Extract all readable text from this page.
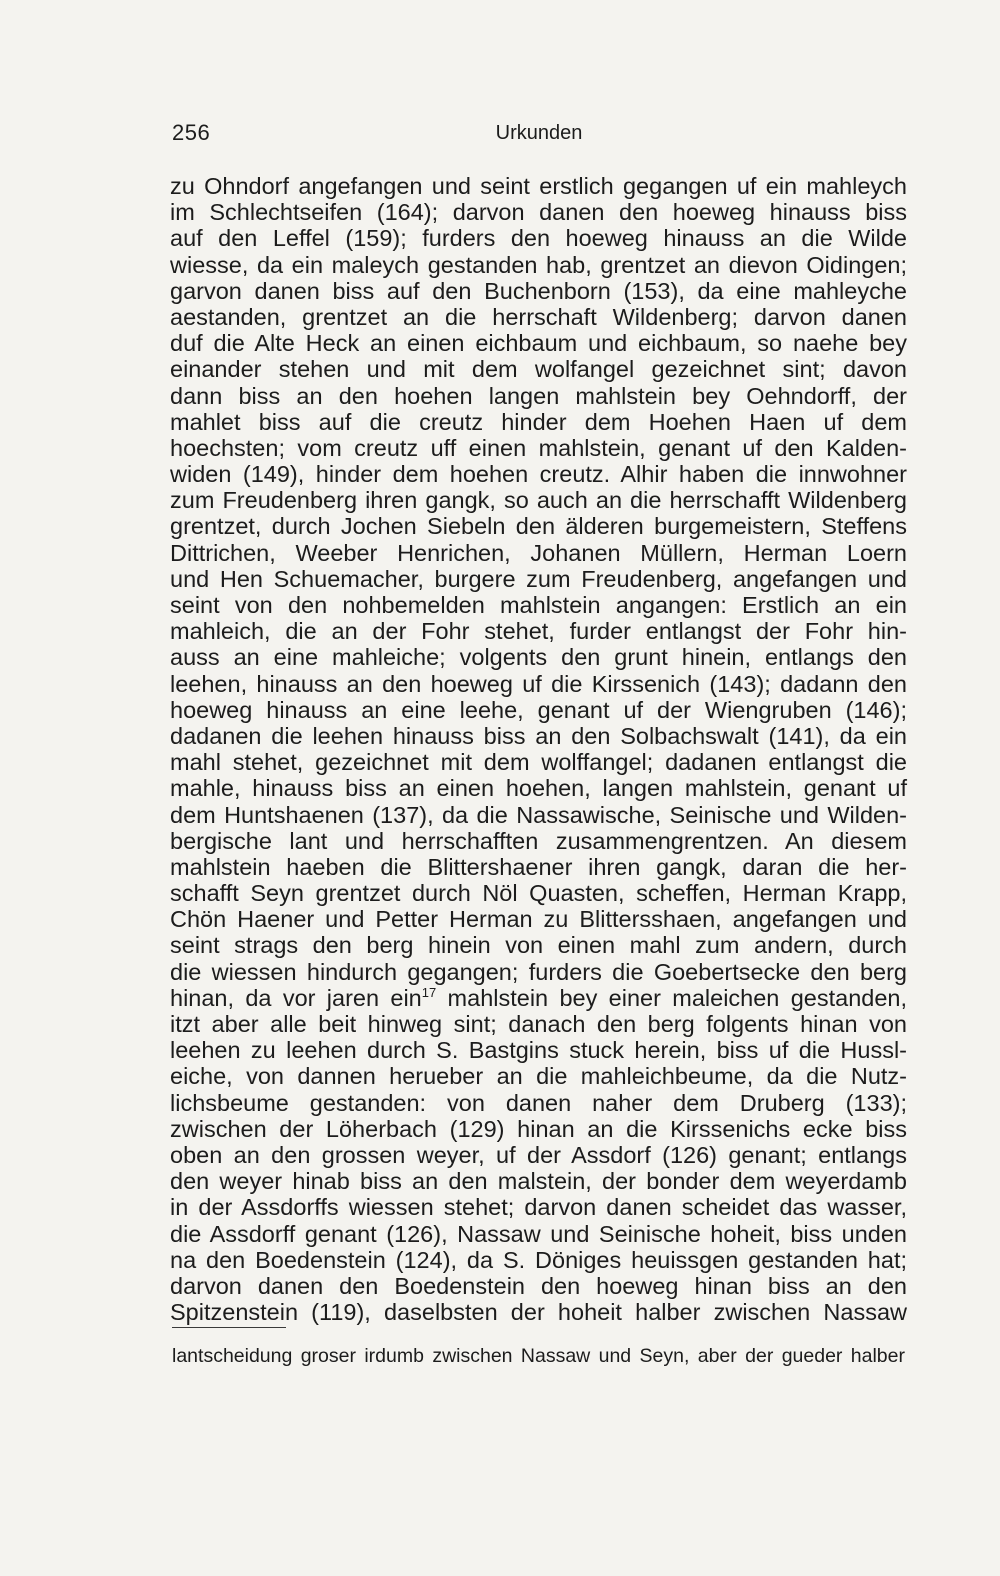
256	Urkunden
zu Ohndorf angefangen und seint erstlich gegangen uf ein mahleych
im Schlechtseifen (164); darvon danen den hoeweg hinauss biss
auf den Leffel (159); furders den hoeweg hinauss an die Wilde
wiesse, da ein maleych gestanden hab, grentzet an dievon Oidingen;
garvon danen biss auf den Buchenborn (153), da eine mahleyche
aestanden, grentzet an die herrschaft Wildenberg; darvon danen
duf die Alte Heck an einen eichbaum und eichbaum, so naehe bey
einander stehen und mit dem wolfangel gezeichnet sint; davon
dann biss an den hoehen langen mahlstein bey Oehndorff, der
mahlet biss auf die creutz hinder dem Hoehen Haen uf dem
hoechsten; vom creutz uff einen mahlstein, genant uf den Kalden-
widen (149), hinder dem hoehen creutz. Alhir haben die innwohner
zum Freudenberg ihren gangk, so auch an die herrschafft Wildenberg
grentzet, durch Jochen Siebeln den älderen burgemeistern, Steffens
Dittrichen, Weeber Henrichen, Johanen Müllern, Herman Loern
und Hen Schuemacher, burgere zum Freudenberg, angefangen und
seint von den nohbemelden mahlstein angangen: Erstlich an ein
mahleich, die an der Fohr stehet, furder entlangst der Fohr hin-
auss an eine mahleiche; volgents den grunt hinein, entlangs den
leehen, hinauss an den hoeweg uf die Kirssenich (143); dadann den
hoeweg hinauss an eine leehe, genant uf der Wiengruben (146);
dadanen die leehen hinauss biss an den Solbachswalt (141), da ein
mahl stehet, gezeichnet mit dem wolffangel; dadanen entlangst die
mahle, hinauss biss an einen hoehen, langen mahlstein, genant uf
dem Huntshaenen (137), da die Nassawische, Seinische und Wilden-
bergische lant und herrschafften zusammengrentzen. An diesem
mahlstein haeben die Blittershaener ihren gangk, daran die her-
schafft Seyn grentzet durch Nöl Quasten, scheffen, Herman Krapp,
Chön Haener und Petter Herman zu Blittersshaen, angefangen und
seint strags den berg hinein von einen mahl zum andern, durch
die wiessen hindurch gegangen; furders die Goebertsecke den berg
hinan, da vor jaren ein$^{17}$ mahlstein bey einer maleichen gestanden,
itzt aber alle beit hinweg sint; danach den berg folgents hinan von
leehen zu leehen durch S. Bastgins stuck herein, biss uf die Hussl-
eiche, von dannen herueber an die mahleichbeume, da die Nutz-
lichsbeume gestanden: von danen naher dem Druberg (133);
zwischen der Löherbach (129) hinan an die Kirssenichs ecke biss
oben an den grossen weyer, uf der Assdorf (126) genant; entlangs
den weyer hinab biss an den malstein, der bonder dem weyerdamb
in der Assdorffs wiessen stehet; darvon danen scheidet das wasser,
die Assdorff genant (126), Nassaw und Seinische hoheit, biss unden
na den Boedenstein (124), da S. Döniges heuissgen gestanden hat;
darvon danen den Boedenstein den hoeweg hinan biss an den
Spitzenstein (119), daselbsten der hoheit halber zwischen Nassaw
lantscheidung groser irdumb zwischen Nassaw und Seyn, aber der gueder halber
